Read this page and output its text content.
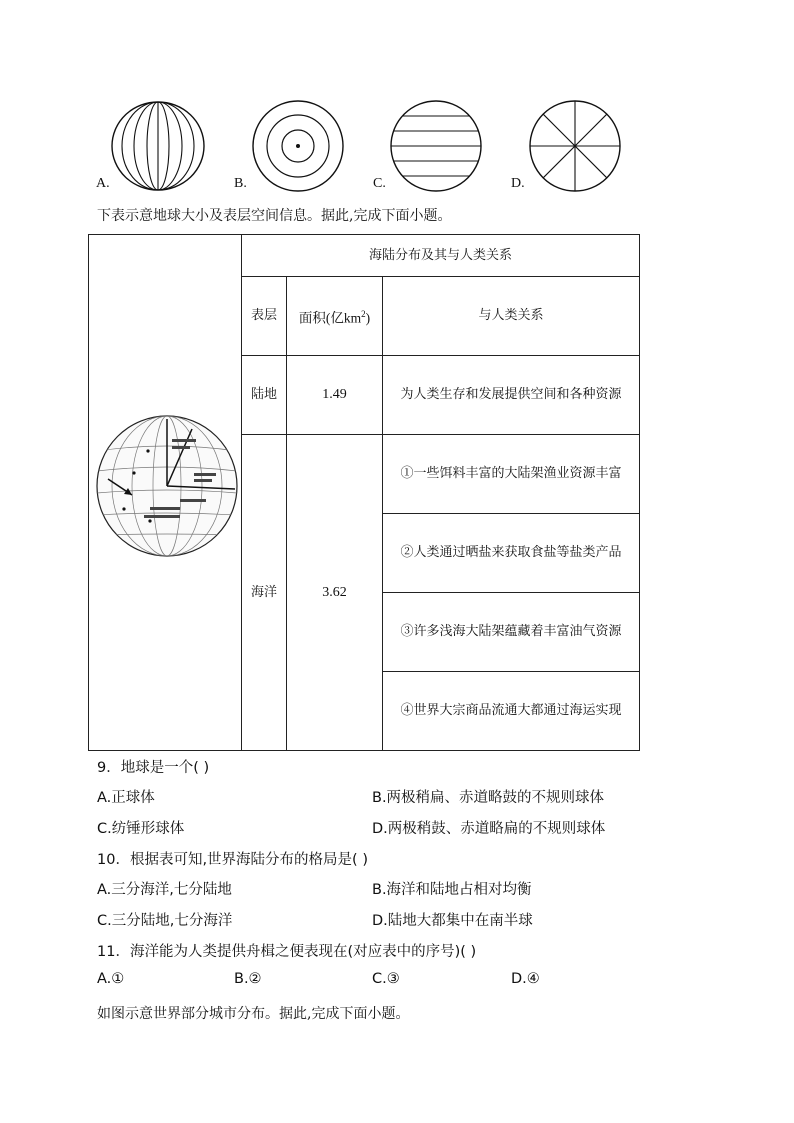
A.	B.	C.	D.
下表示意地球大小及表层空间信息。据此,完成下面小题。
	海陆分布及其与人类关系		
	表层	面积(亿$km^2$)	与人类关系
	陆地	1.49	为人类生存和发展提供空间和各种资源
	海洋	3.62	①一些饵料丰富的大陆架渔业资源丰富
			②人类通过晒盐来获取食盐等盐类产品
			③许多浅海大陆架蕴藏着丰富油气资源
			④世界大宗商品流通大都通过海运实现
9．地球是一个( )
A.正球体	B.两极稍扁、赤道略鼓的不规则球体
C.纺锤形球体	D.两极稍鼓、赤道略扁的不规则球体
10．根据表可知,世界海陆分布的格局是( )
A.三分海洋,七分陆地	B.海洋和陆地占相对均衡
C.三分陆地,七分海洋	D.陆地大都集中在南半球
11．海洋能为人类提供舟楫之便表现在(对应表中的序号)( )
A.①	B.②	C.③	D.④
如图示意世界部分城市分布。据此,完成下面小题。
